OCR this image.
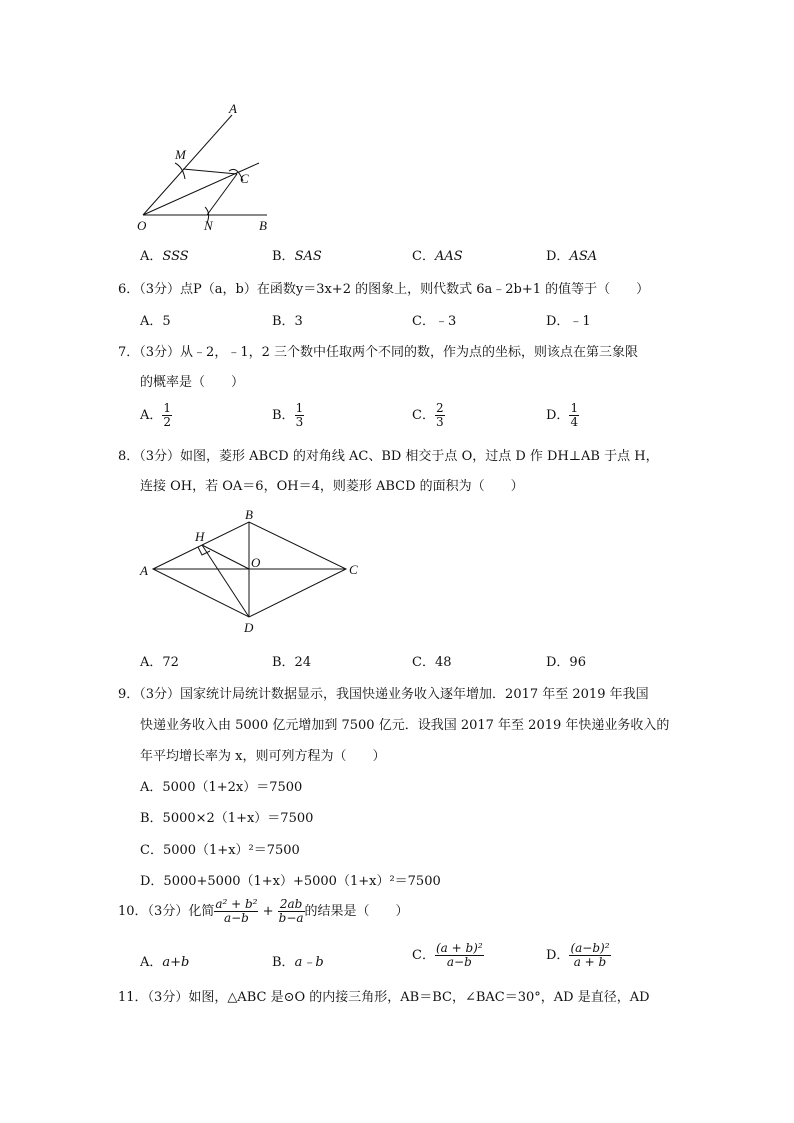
A
M
C
O	N	B
A．SSS	B．SAS	C．AAS	D．ASA
6．（3分）点P（a，b）在函数y＝3x+2 的图象上，则代数式 6a﹣2b+1 的值等于（　　）
A．5	B．3	C．﹣3	D．﹣1
7．（3分）从﹣2，﹣1，2 三个数中任取两个不同的数，作为点的坐标，则该点在第三象限
的概率是（　　）
A． $\frac{1}{2}$	B． $\frac{1}{3}$	C． $\frac{2}{3}$	D． $\frac{1}{4}$
8．（3分）如图，菱形 ABCD 的对角线 AC、BD 相交于点 O，过点 D 作 DH⊥AB 于点 H，
连接 OH，若 OA＝6，OH＝4，则菱形 ABCD 的面积为（　　）
B
H
A
O	C
D
A．72	B．24	C．48	D．96
9．（3分）国家统计局统计数据显示，我国快递业务收入逐年增加．2017 年至 2019 年我国
快递业务收入由 5000 亿元增加到 7500 亿元．设我国 2017 年至 2019 年快递业务收入的
年平均增长率为 x，则可列方程为（　　）
A．5000（1+2x）＝7500
B．5000×2（1+x）＝7500
C．5000（1+x）²＝7500
D．5000+5000（1+x）+5000（1+x）²＝7500
10．（3分）化简 $\frac{\text{a² + b²}}{a-b} + \frac{2ab}{b-a}$ 的结果是（　　）
A．a+b	B．a﹣b	C． $\frac{\text{(a + b)²}}{a-b}$	D． $\frac{\text{(a−b)²}}{a + b}$
11．（3分）如图，△ABC 是⊙O 的内接三角形，AB＝BC，∠BAC＝30°，AD 是直径，AD
